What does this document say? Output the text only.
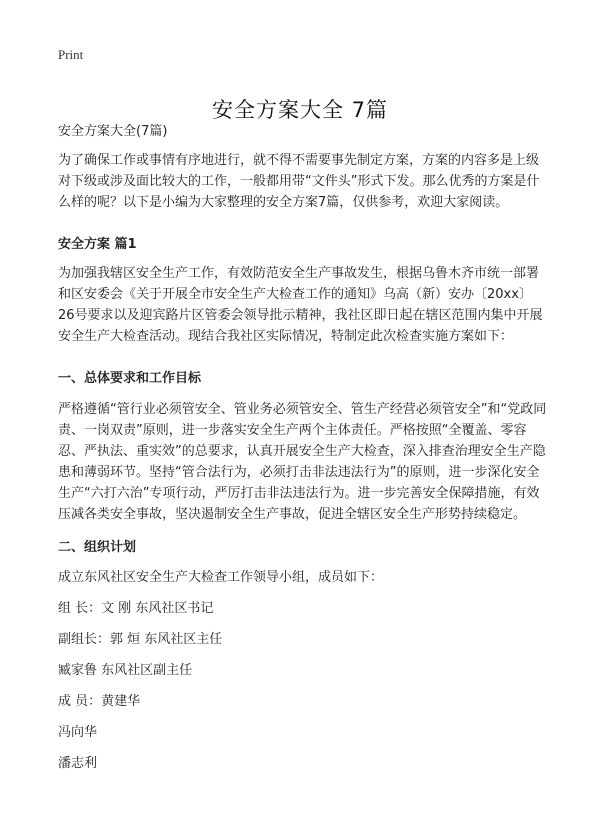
Print
安全方案大全 7篇
安全方案大全(7篇)

为了确保工作或事情有序地进行，就不得不需要事先制定方案，方案的内容多是上级对下级或涉及面比较大的工作，一般都用带“文件头”形式下发。那么优秀的方案是什么样的呢？以下是小编为大家整理的安全方案7篇，仅供参考，欢迎大家阅读。

安全方案 篇1

为加强我辖区安全生产工作，有效防范安全生产事故发生，根据乌鲁木齐市统一部署和区安委会《关于开展全市安全生产大检查工作的通知》乌高（新）安办〔20xx〕26号要求以及迎宾路片区管委会领导批示精神，我社区即日起在辖区范围内集中开展安全生产大检查活动。现结合我社区实际情况，特制定此次检查实施方案如下：

一、总体要求和工作目标

严格遵循“管行业必须管安全、管业务必须管安全、管生产经营必须管安全”和“党政同责、一岗双责”原则，进一步落实安全生产两个主体责任。严格按照“全覆盖、零容忍、严执法、重实效”的总要求，认真开展安全生产大检查，深入排查治理安全生产隐患和薄弱环节。坚持“管合法行为，必须打击非法违法行为”的原则，进一步深化安全生产“六打六治”专项行动，严厉打击非法违法行为。进一步完善安全保障措施，有效压减各类安全事故，坚决遏制安全生产事故，促进全辖区安全生产形势持续稳定。

二、组织计划
成立东风社区安全生产大检查工作领导小组，成员如下：
组 长：文 刚 东风社区书记
副组长：郭 烜 东风社区主任
臧家鲁 东风社区副主任
成 员：黄建华
冯向华
潘志利
